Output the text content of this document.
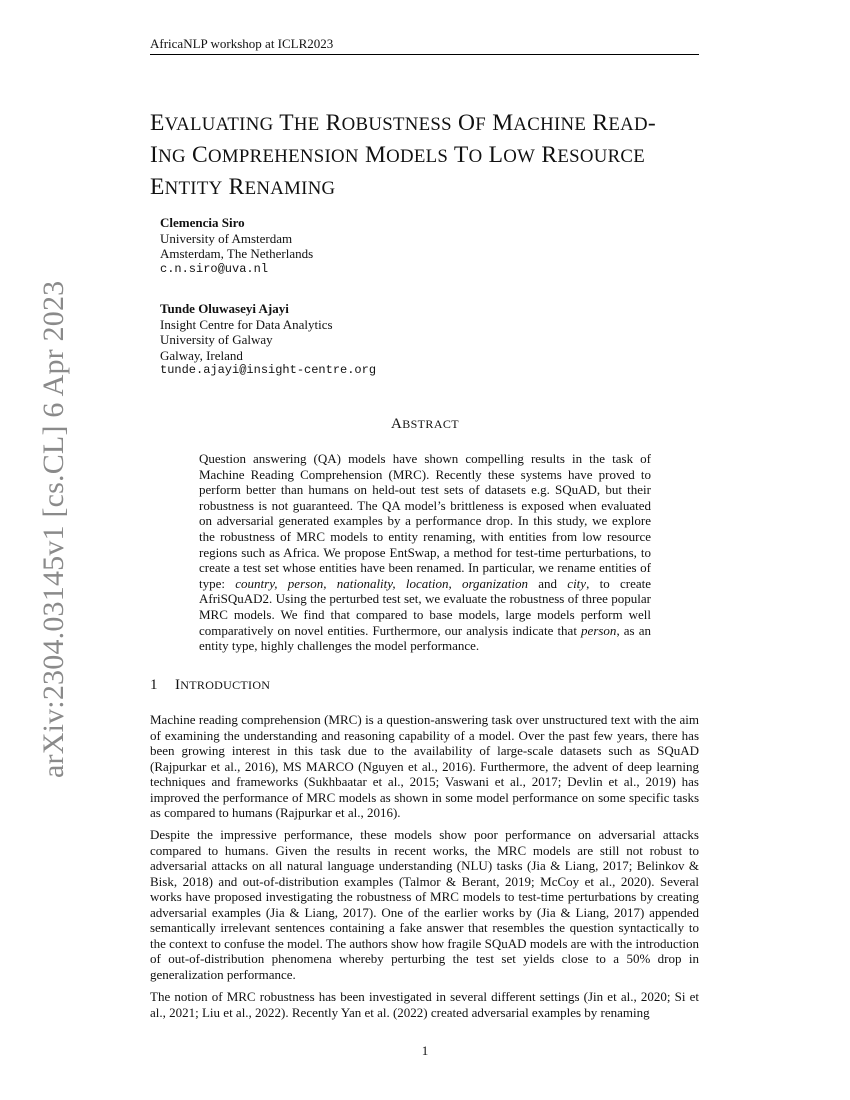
AfricaNLP workshop at ICLR2023
arXiv:2304.03145v1 [cs.CL] 6 Apr 2023
EVALUATING THE ROBUSTNESS OF MACHINE READ-
ING COMPREHENSION MODELS TO LOW RESOURCE
ENTITY RENAMING
Clemencia Siro
University of Amsterdam
Amsterdam, The Netherlands
c.n.siro@uva.nl
Tunde Oluwaseyi Ajayi
Insight Centre for Data Analytics
University of Galway
Galway, Ireland
tunde.ajayi@insight-centre.org
ABSTRACT
Question answering (QA) models have shown compelling results in the task of Machine Reading Comprehension (MRC). Recently these systems have proved to perform better than humans on held-out test sets of datasets e.g. SQuAD, but their robustness is not guaranteed. The QA model’s brittleness is exposed when evaluated on adversarial generated examples by a performance drop. In this study, we explore the robustness of MRC models to entity renaming, with entities from low resource regions such as Africa. We propose EntSwap, a method for test-time perturbations, to create a test set whose entities have been renamed. In particular, we rename entities of type: country, person, nationality, location, organization and city, to create AfriSQuAD2. Using the perturbed test set, we evaluate the robustness of three popular MRC models. We find that compared to base models, large models perform well comparatively on novel entities. Furthermore, our analysis indicate that person, as an entity type, highly challenges the model performance.
1 INTRODUCTION
Machine reading comprehension (MRC) is a question-answering task over unstructured text with the aim of examining the understanding and reasoning capability of a model. Over the past few years, there has been growing interest in this task due to the availability of large-scale datasets such as SQuAD (Rajpurkar et al., 2016), MS MARCO (Nguyen et al., 2016). Furthermore, the advent of deep learning techniques and frameworks (Sukhbaatar et al., 2015; Vaswani et al., 2017; Devlin et al., 2019) has improved the performance of MRC models as shown in some model performance on some specific tasks as compared to humans (Rajpurkar et al., 2016).
Despite the impressive performance, these models show poor performance on adversarial attacks compared to humans. Given the results in recent works, the MRC models are still not robust to adversarial attacks on all natural language understanding (NLU) tasks (Jia & Liang, 2017; Belinkov & Bisk, 2018) and out-of-distribution examples (Talmor & Berant, 2019; McCoy et al., 2020). Several works have proposed investigating the robustness of MRC models to test-time perturbations by creating adversarial examples (Jia & Liang, 2017). One of the earlier works by (Jia & Liang, 2017) appended semantically irrelevant sentences containing a fake answer that resembles the question syntactically to the context to confuse the model. The authors show how fragile SQuAD models are with the introduction of out-of-distribution phenomena whereby perturbing the test set yields close to a 50% drop in generalization performance.
The notion of MRC robustness has been investigated in several different settings (Jin et al., 2020; Si et al., 2021; Liu et al., 2022). Recently Yan et al. (2022) created adversarial examples by renaming
1
